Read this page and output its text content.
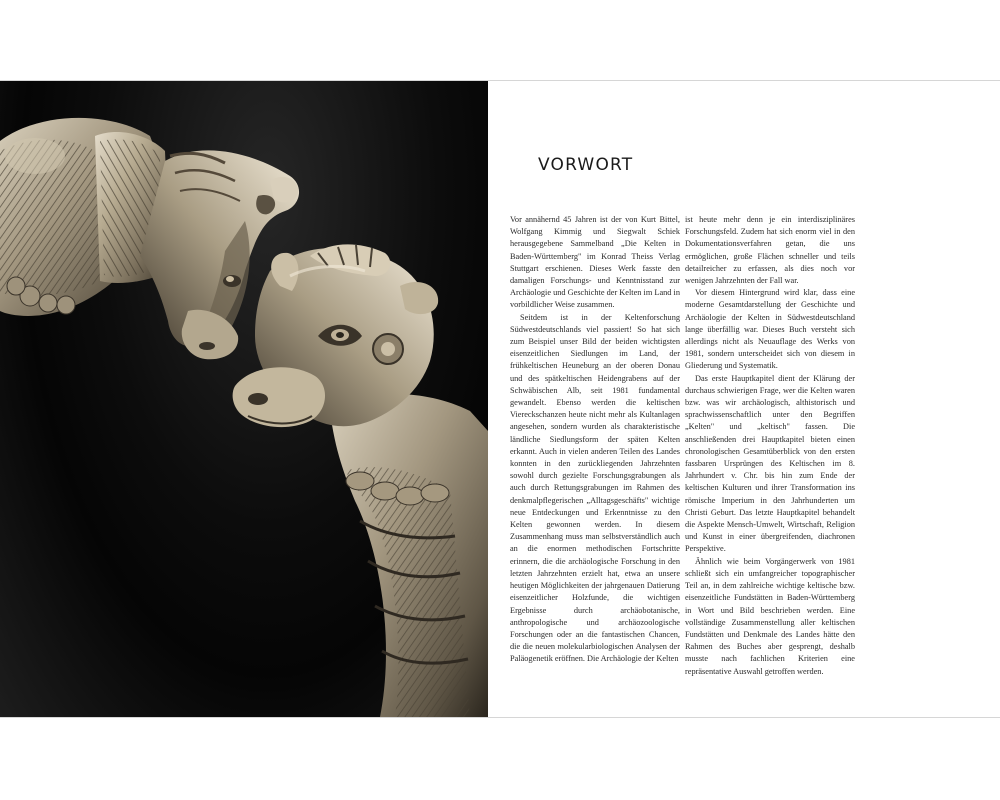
VORWORT

Vor annähernd 45 Jahren ist der von Kurt Bittel, Wolfgang Kimmig und Siegwalt Schiek herausgegebene Sammelband „Die Kelten in Baden-Württemberg" im Konrad Theiss Verlag Stuttgart erschienen. Dieses Werk fasste den damaligen Forschungs- und Kenntnisstand zur Archäologie und Geschichte der Kelten im Land in vorbildlicher Weise zusammen.

Seitdem ist in der Keltenforschung Südwestdeutschlands viel passiert! So hat sich zum Beispiel unser Bild der beiden wichtigsten eisenzeitlichen Siedlungen im Land, der frühkeltischen Heuneburg an der oberen Donau und des spätkeltischen Heidengrabens auf der Schwäbischen Alb, seit 1981 fundamental gewandelt. Ebenso werden die keltischen Viereckschanzen heute nicht mehr als Kultanlagen angesehen, sondern wurden als charakteristische ländliche Siedlungsform der späten Kelten erkannt. Auch in vielen anderen Teilen des Landes konnten in den zurückliegenden Jahrzehnten sowohl durch gezielte Forschungsgrabungen als auch durch Rettungsgrabungen im Rahmen des denkmalpflegerischen „Alltagsgeschäfts" wichtige neue Entdeckungen und Erkenntnisse zu den Kelten gewonnen werden. In diesem Zusammenhang muss man selbstverständlich auch an die enormen methodischen Fortschritte erinnern, die die archäologische Forschung in den letzten Jahrzehnten erzielt hat, etwa an unsere heutigen Möglichkeiten der jahrgenauen Datierung eisenzeitlicher Holzfunde, die wichtigen Ergebnisse durch archäobotanische, anthropologische und archäozoologische Forschungen oder an die fantastischen Chancen, die die neuen molekularbiologischen Analysen der Paläogenetik eröffnen. Die Archäologie der Kelten

ist heute mehr denn je ein interdisziplinäres Forschungsfeld. Zudem hat sich enorm viel in den Dokumentationsverfahren getan, die uns ermöglichen, große Flächen schneller und teils detailreicher zu erfassen, als dies noch vor wenigen Jahrzehnten der Fall war.

Vor diesem Hintergrund wird klar, dass eine moderne Gesamtdarstellung der Geschichte und Archäologie der Kelten in Südwestdeutschland lange überfällig war. Dieses Buch versteht sich allerdings nicht als Neuauflage des Werks von 1981, sondern unterscheidet sich von diesem in Gliederung und Systematik.

Das erste Hauptkapitel dient der Klärung der durchaus schwierigen Frage, wer die Kelten waren bzw. was wir archäologisch, althistorisch und sprachwissenschaftlich unter den Begriffen „Kelten" und „keltisch" fassen. Die anschließenden drei Hauptkapitel bieten einen chronologischen Gesamtüberblick von den ersten fassbaren Ursprüngen des Keltischen im 8. Jahrhundert v. Chr. bis hin zum Ende der keltischen Kulturen und ihrer Transformation ins römische Imperium in den Jahrhunderten um Christi Geburt. Das letzte Hauptkapitel behandelt die Aspekte Mensch-Umwelt, Wirtschaft, Religion und Kunst in einer übergreifenden, diachronen Perspektive.

Ähnlich wie beim Vorgängerwerk von 1981 schließt sich ein umfangreicher topographischer Teil an, in dem zahlreiche wichtige keltische bzw. eisenzeitliche Fundstätten in Baden-Württemberg in Wort und Bild beschrieben werden. Eine vollständige Zusammenstellung aller keltischen Fundstätten und Denkmale des Landes hätte den Rahmen des Buches aber gesprengt, deshalb musste nach fachlichen Kriterien eine repräsentative Auswahl getroffen werden.
